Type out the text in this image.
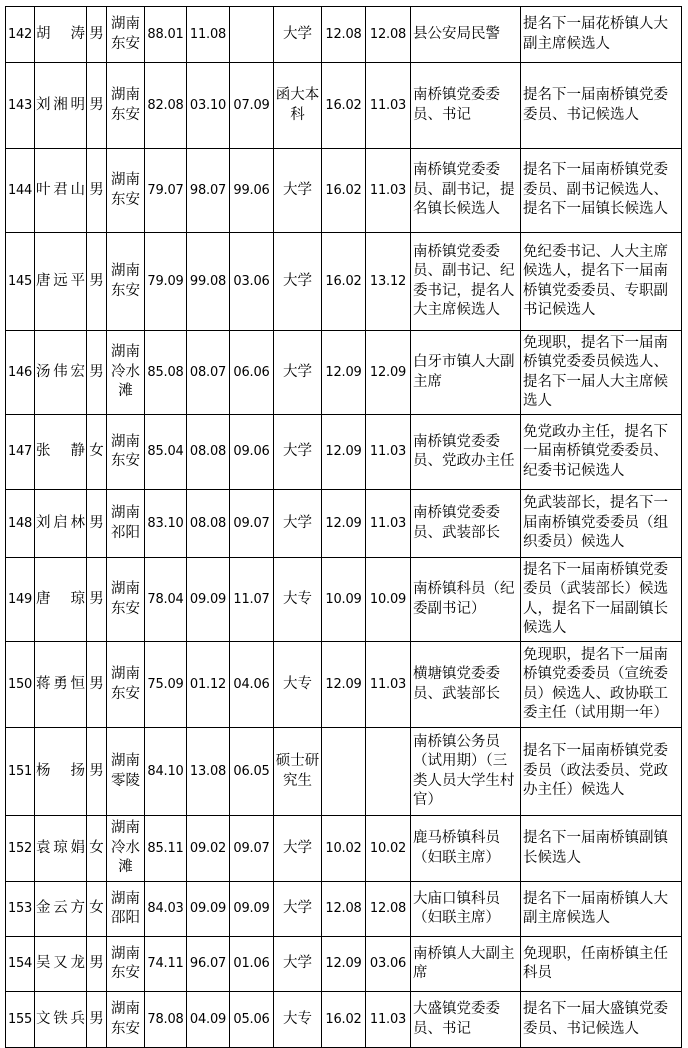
142	胡　涛	男	湖南东安	88.01	11.08		大学	12.08	12.08	县公安局民警	提名下一届花桥镇人大副主席候选人
143	刘湘明	男	湖南东安	82.08	03.10	07.09	函大本科	16.02	11.03	南桥镇党委委员、书记	提名下一届南桥镇党委委员、书记候选人
144	叶君山	男	湖南东安	79.07	98.07	99.06	大学	16.02	11.03	南桥镇党委委员、副书记，提名镇长候选人	提名下一届南桥镇党委委员、副书记候选人、提名下一届镇长候选人
145	唐远平	男	湖南东安	79.09	99.08	03.06	大学	16.02	13.12	南桥镇党委委员、副书记、纪委书记，提名人大主席候选人	免纪委书记、人大主席候选人，提名下一届南桥镇党委委员、专职副书记候选人
146	汤伟宏	男	湖南冷水滩	85.08	08.07	06.06	大学	12.09	12.09	白牙市镇人大副主席	免现职，提名下一届南桥镇党委委员候选人、提名下一届人大主席候选人
147	张　静	女	湖南东安	85.04	08.08	09.06	大学	12.09	11.03	南桥镇党委委员、党政办主任	免党政办主任，提名下一届南桥镇党委委员、纪委书记候选人
148	刘启林	男	湖南祁阳	83.10	08.08	09.07	大学	12.09	11.03	南桥镇党委委员、武装部长	免武装部长，提名下一届南桥镇党委委员（组织委员）候选人
149	唐　琼	男	湖南东安	78.04	09.09	11.07	大专	10.09	10.09	南桥镇科员（纪委副书记）	提名下一届南桥镇党委委员（武装部长）候选人，提名下一届副镇长候选人
150	蒋勇恒	男	湖南东安	75.09	01.12	04.06	大专	12.09	11.03	横塘镇党委委员、武装部长	免现职，提名下一届南桥镇党委委员（宣统委员）候选人、政协联工委主任（试用期一年）
151	杨　扬	男	湖南零陵	84.10	13.08	06.05	硕士研究生			南桥镇公务员（试用期）（三类人员大学生村官）	提名下一届南桥镇党委委员（政法委员、党政办主任）候选人
152	袁琼娟	女	湖南冷水滩	85.11	09.02	09.07	大学	10.02	10.02	鹿马桥镇科员（妇联主席）	提名下一届南桥镇副镇长候选人
153	金云方	女	湖南邵阳	84.03	09.09	09.09	大学	12.08	12.08	大庙口镇科员（妇联主席）	提名下一届南桥镇人大副主席候选人
154	吴又龙	男	湖南东安	74.11	96.07	01.06	大学	12.09	03.06	南桥镇人大副主席	免现职，任南桥镇主任科员
155	文铁兵	男	湖南东安	78.08	04.09	05.06	大专	16.02	11.03	大盛镇党委委员、书记	提名下一届大盛镇党委委员、书记候选人
